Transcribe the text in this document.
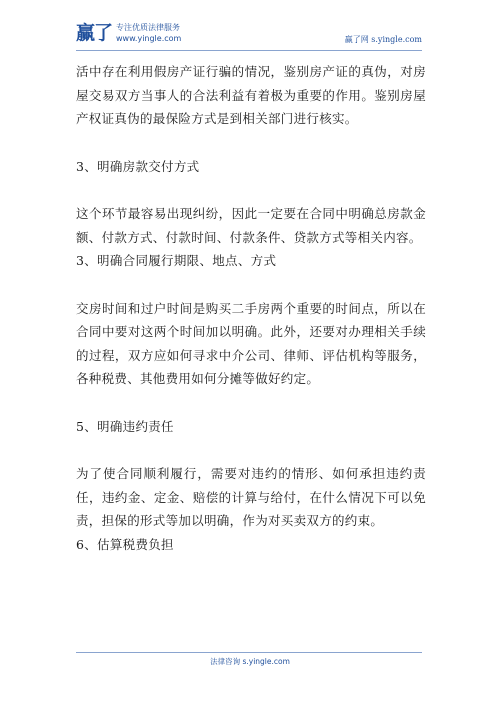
赢了 专注优质法律服务
www.yingle.com	赢了网 s.yingle.com

活中存在利用假房产证行骗的情况，鉴别房产证的真伪，对房屋交易双方当事人的合法利益有着极为重要的作用。鉴别房屋产权证真伪的最保险方式是到相关部门进行核实。

3、明确房款交付方式

这个环节最容易出现纠纷，因此一定要在合同中明确总房款金额、付款方式、付款时间、付款条件、贷款方式等相关内容。

3、明确合同履行期限、地点、方式

交房时间和过户时间是购买二手房两个重要的时间点，所以在合同中要对这两个时间加以明确。此外，还要对办理相关手续的过程，双方应如何寻求中介公司、律师、评估机构等服务，各种税费、其他费用如何分摊等做好约定。

5、明确违约责任

为了使合同顺利履行，需要对违约的情形、如何承担违约责任，违约金、定金、赔偿的计算与给付，在什么情况下可以免责，担保的形式等加以明确，作为对买卖双方的约束。

6、估算税费负担

法律咨询 s.yingle.com
